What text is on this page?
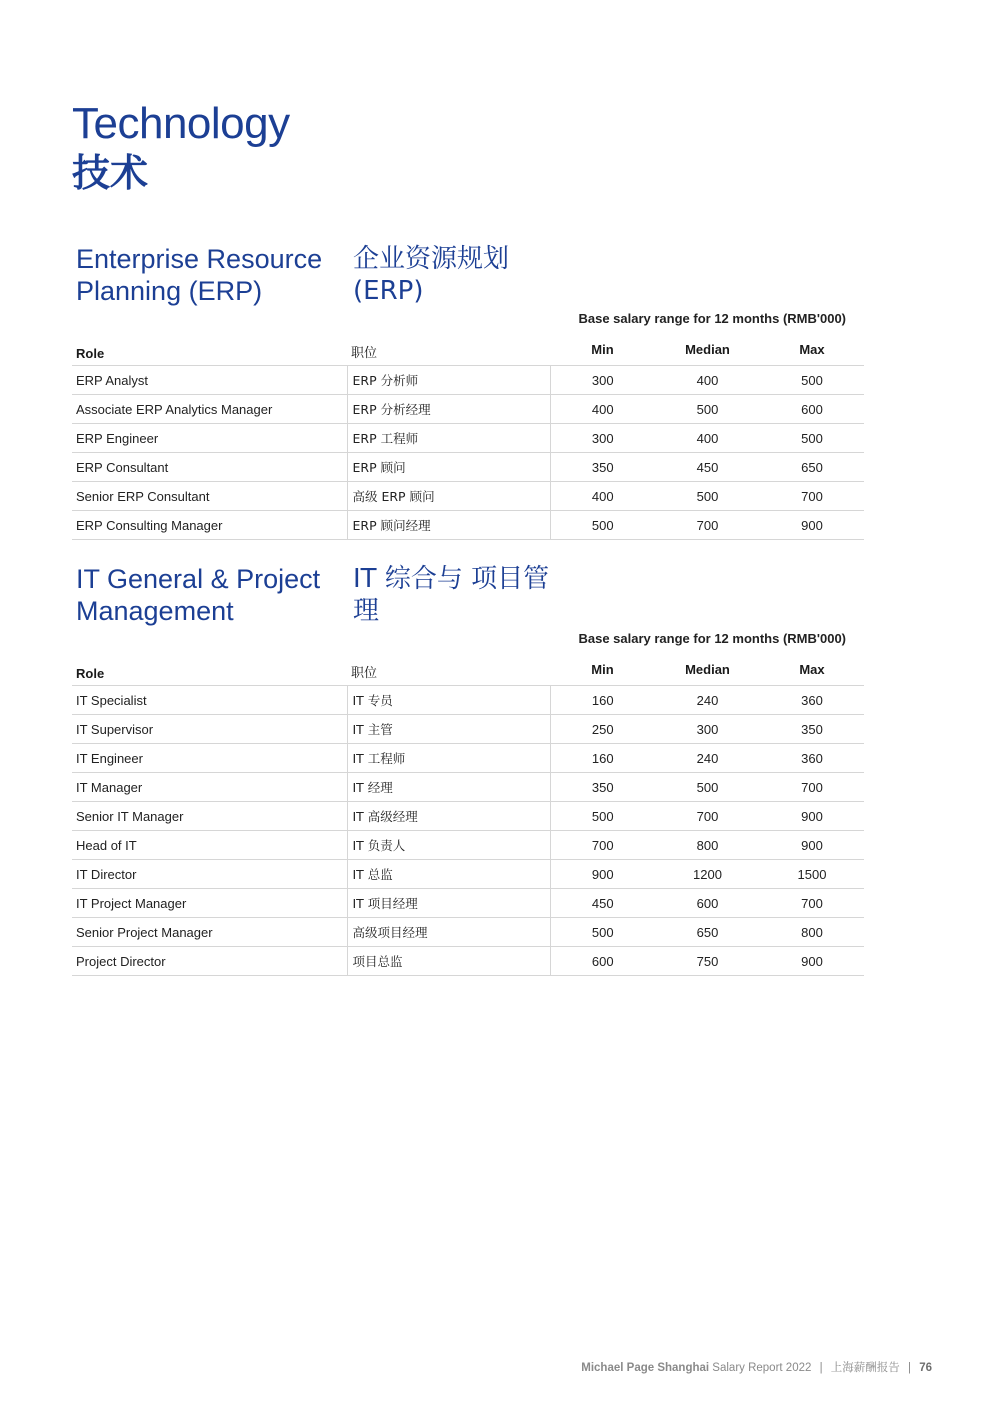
Technology
技术
Enterprise Resource Planning (ERP)
企业资源规划 (ERP)
Base salary range for 12 months (RMB'000)
Role	职位	Min	Median	Max
ERP Analyst	ERP 分析师	300	400	500
Associate ERP Analytics Manager	ERP 分析经理	400	500	600
ERP Engineer	ERP 工程师	300	400	500
ERP Consultant	ERP 顾问	350	450	650
Senior ERP Consultant	高级 ERP 顾问	400	500	700
ERP Consulting Manager	ERP 顾问经理	500	700	900
IT General & Project Management
IT 综合与 项目管理
Base salary range for 12 months (RMB'000)
Role	职位	Min	Median	Max
IT Specialist	IT 专员	160	240	360
IT Supervisor	IT 主管	250	300	350
IT Engineer	IT 工程师	160	240	360
IT Manager	IT 经理	350	500	700
Senior IT Manager	IT 高级经理	500	700	900
Head of IT	IT 负责人	700	800	900
IT Director	IT 总监	900	1200	1500
IT Project Manager	IT 项目经理	450	600	700
Senior Project Manager	高级项目经理	500	650	800
Project Director	项目总监	600	750	900
Michael Page Shanghai Salary Report 2022 | 上海薪酬报告 | 76
